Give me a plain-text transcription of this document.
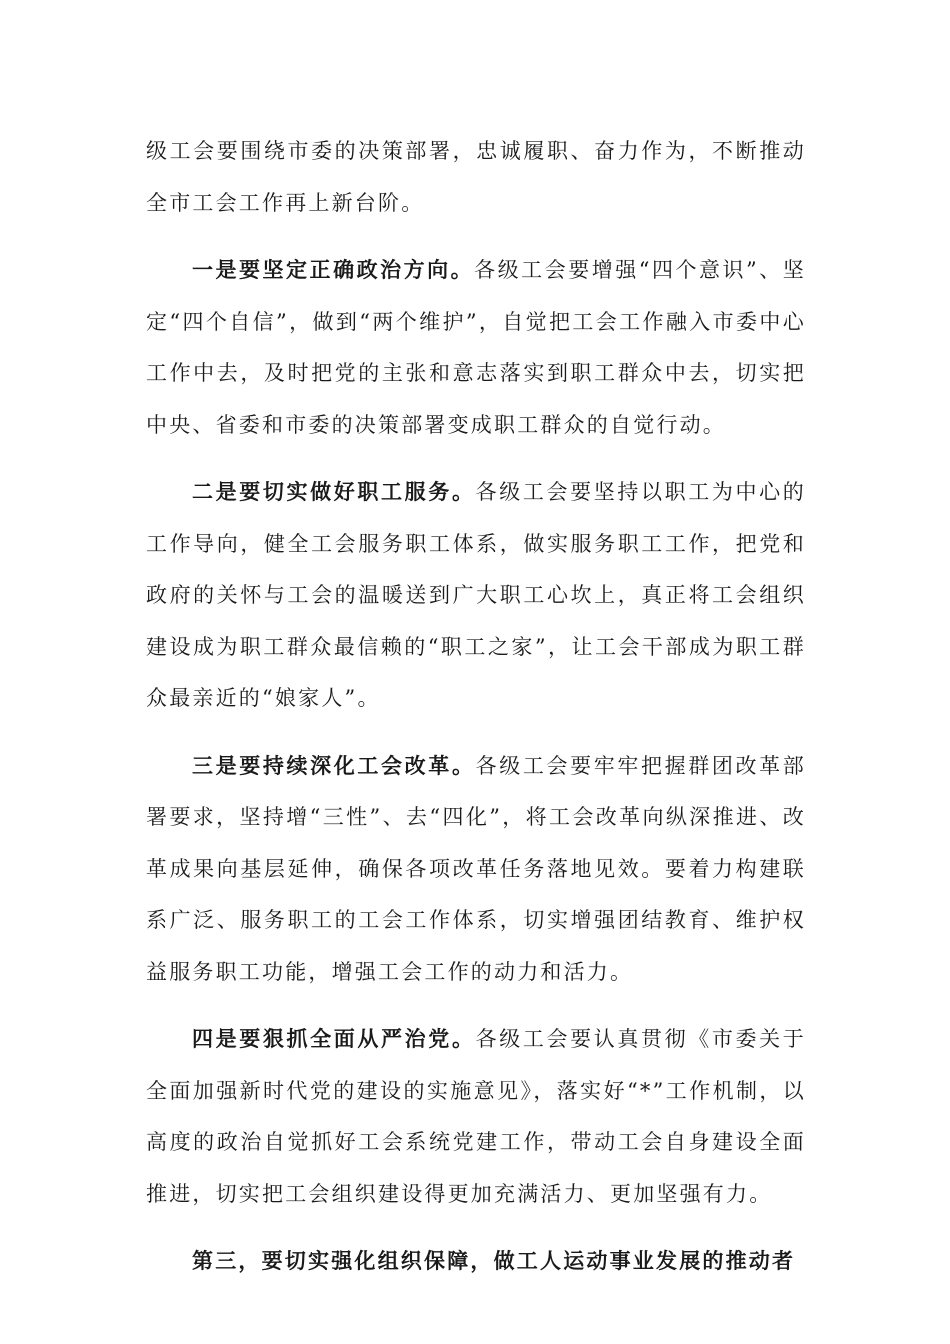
级工会要围绕市委的决策部署，忠诚履职、奋力作为，不断推动全市工会工作再上新台阶。

一是要坚定正确政治方向。各级工会要增强“四个意识”、坚定“四个自信”，做到“两个维护”，自觉把工会工作融入市委中心工作中去，及时把党的主张和意志落实到职工群众中去，切实把中央、省委和市委的决策部署变成职工群众的自觉行动。

二是要切实做好职工服务。各级工会要坚持以职工为中心的工作导向，健全工会服务职工体系，做实服务职工工作，把党和政府的关怀与工会的温暖送到广大职工心坎上，真正将工会组织建设成为职工群众最信赖的“职工之家”，让工会干部成为职工群众最亲近的“娘家人”。

三是要持续深化工会改革。各级工会要牢牢把握群团改革部署要求，坚持增“三性”、去“四化”，将工会改革向纵深推进、改革成果向基层延伸，确保各项改革任务落地见效。要着力构建联系广泛、服务职工的工会工作体系，切实增强团结教育、维护权益服务职工功能，增强工会工作的动力和活力。

四是要狠抓全面从严治党。各级工会要认真贯彻《市委关于全面加强新时代党的建设的实施意见》，落实好“*”工作机制，以高度的政治自觉抓好工会系统党建工作，带动工会自身建设全面推进，切实把工会组织建设得更加充满活力、更加坚强有力。

第三，要切实强化组织保障，做工人运动事业发展的推动者
